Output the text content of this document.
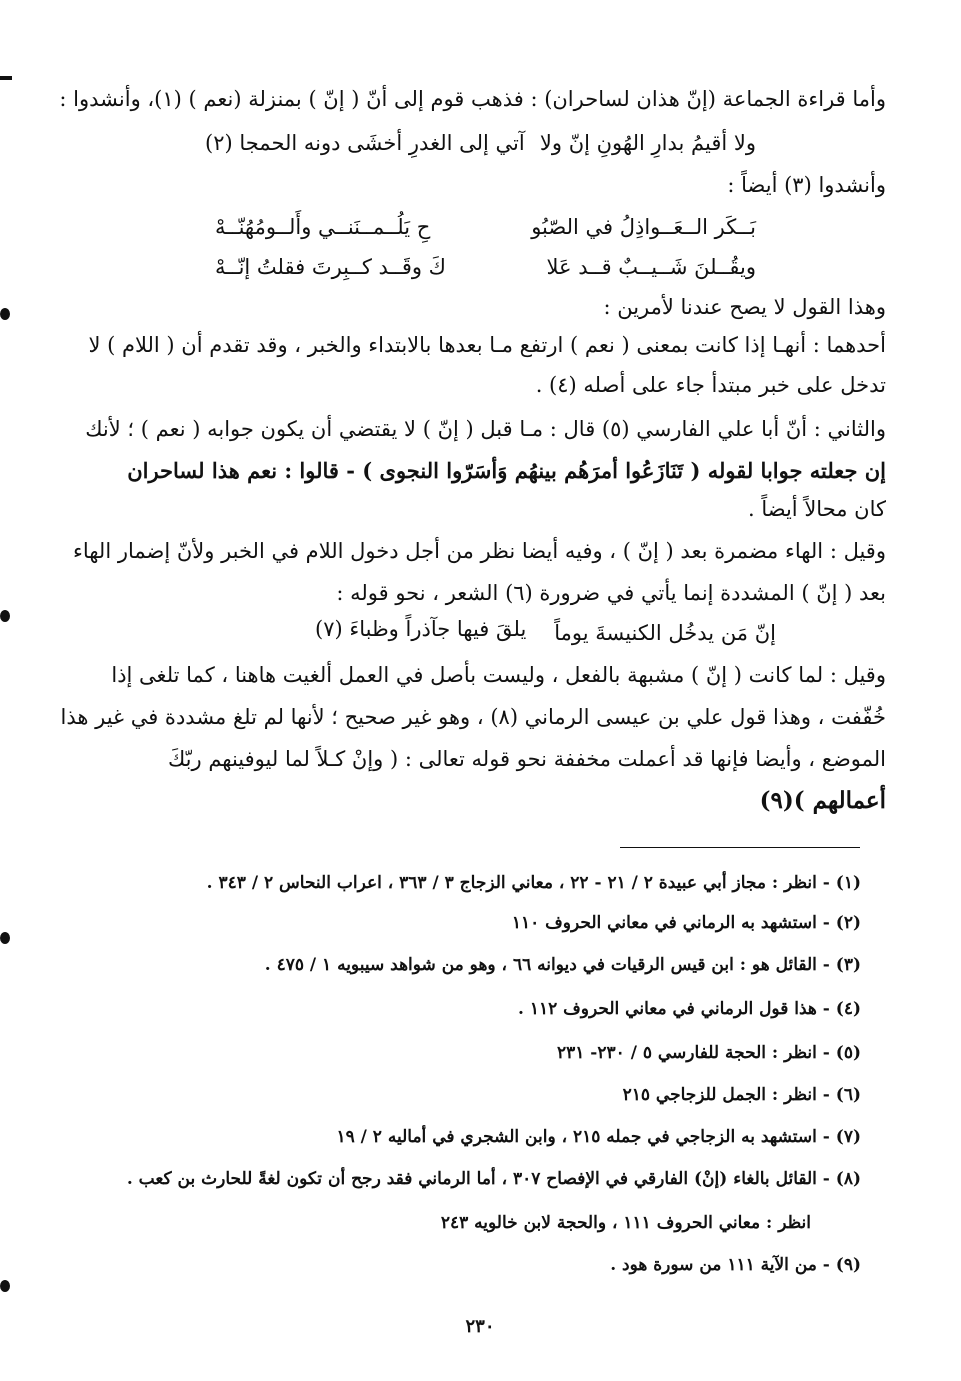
وأما قراءة الجماعة (إنّ هذان لساحران) : فذهب قوم إلى أنّ ( إنّ ) بمنزلة (نعم ) (١)، وأنشدوا :
ولا أقيمُ بدارِ الهُونِ إنّ ولا
آتي إلى الغدرِ أخشَى دونه الحمجا (٢)
وأنشدوا (٣) أيضاً :
بَــكَر الــعَــواذِلُ في الصّبُو
حِ يَلُــمــنَنــي وأَلــومُهُنّــهْ
ويقُــلنَ شَــيــبٌ قــد عَلا
كَ وقَــد كــبِرتَ فقلتُ إنّــهْ
وهذا القول لا يصح عندنا لأمرين :
أحدهما : أنهـا إذا كانت بمعنى ( نعم ) ارتفع مـا بعدها بالابتداء والخبر ، وقد تقدم أن ( اللام ) لا
تدخل على خبر مبتدأ جاء على أصله (٤) .
والثاني : أنّ أبا علي الفارسي (٥) قال : مـا قبل ( إنّ ) لا يقتضي أن يكون جوابه ( نعم ) ؛ لأنك
إن جعلته جوابا لقوله ( تَنَازَعُوا أمرَهُم بينهُم وَأسَرّوا النجوى ) - قالوا : نعم هذا لساحران
كان محالاً أيضاً .
وقيل : الهاء مضمرة بعد ( إنّ ) ، وفيه أيضا نظر من أجل دخول اللام في الخبر ولأنّ إضمار الهاء
بعد ( إنّ ) المشددة إنما يأتي في ضرورة (٦) الشعر ، نحو قوله :
إنّ مَن يدخُل الكنيسةَ يوماً
يلقَ فيها جآذراً وظباءَ (٧)
وقيل : لما كانت ( إنّ ) مشبهة بالفعل ، وليست بأصل في العمل ألغيت هاهنا ، كما تلغى إذا
خُفّفت ، وهذا قول علي بن عيسى الرماني (٨) ، وهو غير صحيح ؛ لأنها لم تلغ مشددة في غير هذا
الموضع ، وأيضا فإنها قد أعملت مخففة نحو قوله تعالى : ( وإنْ كـلاً لما ليوفينهم ربّكَ
أعمالهم )(٩)
(١) - انظر : مجاز أبي عبيدة ٢ / ٢١ - ٢٢ ، معاني الزجاج ٣ / ٣٦٣ ، اعراب النحاس ٢ / ٣٤٣ .
(٢) - استشهد به الرماني في معاني الحروف ١١٠
(٣) - القائل هو : ابن قيس الرقيات في ديوانه ٦٦ ، وهو من شواهد سيبويه ١ / ٤٧٥ .
(٤) - هذا قول الرماني في معاني الحروف ١١٢ .
(٥) - انظر : الحجة للفارسي ٥ / ٢٣٠- ٢٣١
(٦) - انظر : الجمل للزجاجي ٢١٥
(٧) - استشهد به الزجاجي في جمله ٢١٥ ، وابن الشجري في أماليه ٢ / ١٩
(٨) - القائل بالغاء (إنْ) الفارقي في الإفصاح ٣٠٧ ، أما الرماني فقد رجح أن تكون لغةً للحارث بن كعب .
انظر : معاني الحروف ١١١ ، والحجة لابن خالويه ٢٤٣
(٩) - من الآية ١١١ من سورة هود .
٢٣٠
